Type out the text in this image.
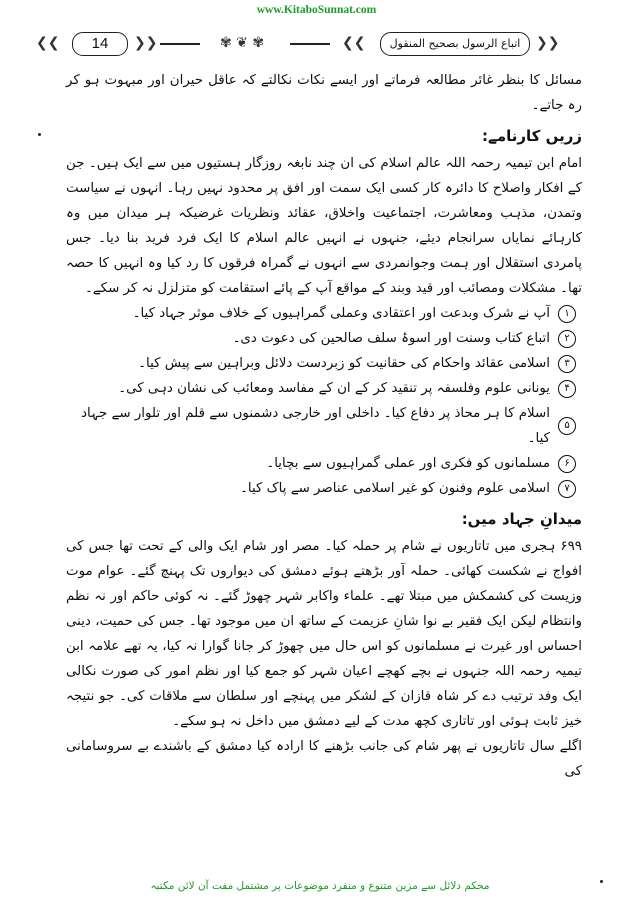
www.KitaboSunnat.com
❮❮	14	❯❯	✾ ❦ ✾	❮❮	اتباع الرسول بصحيح المنقول	❯❯
مسائل کا بنظر غائر مطالعہ فرماتے اور ایسے نکات نکالتے کہ عاقل حیران اور مبہوت ہو کر رہ جاتے۔
زریں کارنامے:
امام ابن تیمیہ رحمہ اللہ عالم اسلام کی ان چند نابغہ روزگار ہستیوں میں سے ایک ہیں۔ جن کے افکار واصلاح کا دائرہ کار کسی ایک سمت اور افق پر محدود نہیں رہا۔ انہوں نے سیاست وتمدن، مذہب ومعاشرت، اجتماعیت واخلاق، عقائد ونظریات غرضیکہ ہر میدان میں وہ کارہائے نمایاں سرانجام دیئے، جنہوں نے انہیں عالم اسلام کا ایک فرد فرید بنا دیا۔ جس پامردی استقلال اور ہمت وجوانمردی سے انہوں نے گمراہ فرقوں کا رد کیا وہ انہیں کا حصہ تھا۔ مشکلات ومصائب اور قید وبند کے مواقع آپ کے پائے استقامت کو متزلزل نہ کر سکے۔
۱
آپ نے شرک وبدعت اور اعتقادی وعملی گمراہیوں کے خلاف موثر جہاد کیا۔
۲
اتباع کتاب وسنت اور اسوۂ سلف صالحین کی دعوت دی۔
۳
اسلامی عقائد واحکام کی حقانیت کو زبردست دلائل وبراہین سے پیش کیا۔
۴
یونانی علوم وفلسفہ پر تنقید کر کے ان کے مفاسد ومعائب کی نشان دہی کی۔
۵
اسلام کا ہر محاذ پر دفاع کیا۔ داخلی اور خارجی دشمنوں سے قلم اور تلوار سے جہاد کیا۔
۶
مسلمانوں کو فکری اور عملی گمراہیوں سے بچایا۔
۷
اسلامی علوم وفنون کو غیر اسلامی عناصر سے پاک کیا۔
میدانِ جہاد میں:
۶۹۹ ہجری میں تاتاریوں نے شام پر حملہ کیا۔ مصر اور شام ایک والی کے تحت تھا جس کی افواج نے شکست کھائی۔ حملہ آور بڑھتے ہوئے دمشق کی دیواروں تک پہنچ گئے۔ عوام موت وزیست کی کشمکش میں مبتلا تھے۔ علماء واکابر شہر چھوڑ گئے۔ نہ کوئی حاکم اور نہ نظم وانتظام لیکن ایک فقیر بے نوا شانِ عزیمت کے ساتھ ان میں موجود تھا۔ جس کی حمیت، دینی احساس اور غیرت نے مسلمانوں کو اس حال میں چھوڑ کر جانا گوارا نہ کیا، یہ تھے علامہ ابن تیمیہ رحمہ اللہ جنہوں نے بچے کھچے اعیان شہر کو جمع کیا اور نظم امور کی صورت نکالی ایک وفد ترتیب دے کر شاہ قازان کے لشکر میں پہنچے اور سلطان سے ملاقات کی۔ جو نتیجہ خیز ثابت ہوئی اور تاتاری کچھ مدت کے لیے دمشق میں داخل نہ ہو سکے۔
اگلے سال تاتاریوں نے پھر شام کی جانب بڑھنے کا ارادہ کیا دمشق کے باشندے بے سروسامانی کی
محکم دلائل سے مزین متنوع و منفرد موضوعات پر مشتمل مفت آن لائن مکتبہ
